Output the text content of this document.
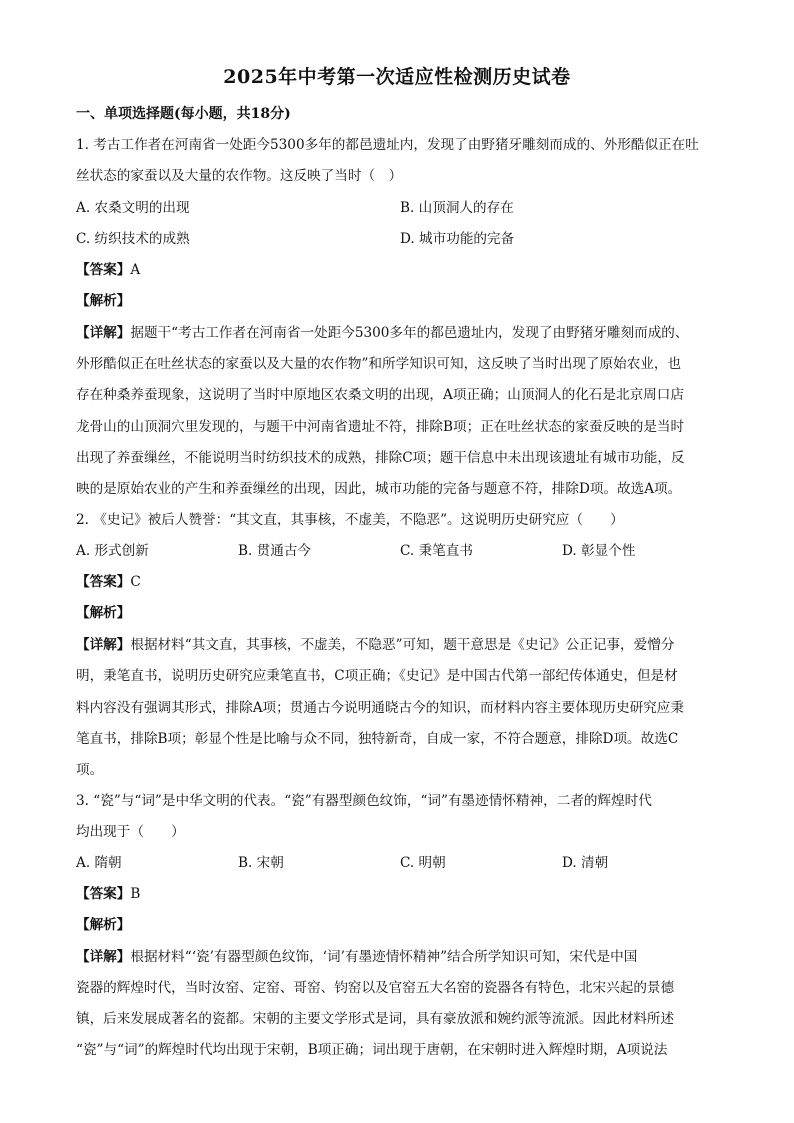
2025年中考第一次适应性检测历史试卷
一、单项选择题(每小题，共18分)
1. 考古工作者在河南省一处距今5300多年的都邑遗址内，发现了由野猪牙雕刻而成的、外形酷似正在吐
丝状态的家蚕以及大量的农作物。这反映了当时（　）
A. 农桑文明的出现	B. 山顶洞人的存在
C. 纺织技术的成熟	D. 城市功能的完备
【答案】A
【解析】
【详解】据题干“考古工作者在河南省一处距今5300多年的都邑遗址内，发现了由野猪牙雕刻而成的、
外形酷似正在吐丝状态的家蚕以及大量的农作物”和所学知识可知，这反映了当时出现了原始农业，也
存在种桑养蚕现象，这说明了当时中原地区农桑文明的出现，A项正确；山顶洞人的化石是北京周口店
龙骨山的山顶洞穴里发现的，与题干中河南省遗址不符，排除B项；正在吐丝状态的家蚕反映的是当时
出现了养蚕缫丝，不能说明当时纺织技术的成熟，排除C项；题干信息中未出现该遗址有城市功能，反
映的是原始农业的产生和养蚕缫丝的出现，因此，城市功能的完备与题意不符，排除D项。故选A项。
2. 《史记》被后人赞誉：“其文直，其事核，不虚美，不隐恶”。这说明历史研究应（　　）
A. 形式创新	B. 贯通古今	C. 秉笔直书	D. 彰显个性
【答案】C
【解析】
【详解】根据材料“其文直，其事核，不虚美，不隐恶”可知，题干意思是《史记》公正记事，爱憎分
明，秉笔直书，说明历史研究应秉笔直书，C项正确；《史记》是中国古代第一部纪传体通史，但是材
料内容没有强调其形式，排除A项；贯通古今说明通晓古今的知识，而材料内容主要体现历史研究应秉
笔直书，排除B项；彰显个性是比喻与众不同，独特新奇，自成一家，不符合题意，排除D项。故选C
项。
3. “瓷”与“词”是中华文明的代表。“瓷”有器型颜色纹饰，“词”有墨迹情怀精神，二者的辉煌时代
均出现于（　　）
A. 隋朝	B. 宋朝	C. 明朝	D. 清朝
【答案】B
【解析】
【详解】根据材料“‘瓷’有器型颜色纹饰，‘词’有墨迹情怀精神”结合所学知识可知，宋代是中国
瓷器的辉煌时代，当时汝窑、定窑、哥窑、钧窑以及官窑五大名窑的瓷器各有特色，北宋兴起的景德
镇，后来发展成著名的瓷都。宋朝的主要文学形式是词，具有豪放派和婉约派等流派。因此材料所述
“瓷”与“词”的辉煌时代均出现于宋朝，B项正确；词出现于唐朝，在宋朝时进入辉煌时期，A项说法
